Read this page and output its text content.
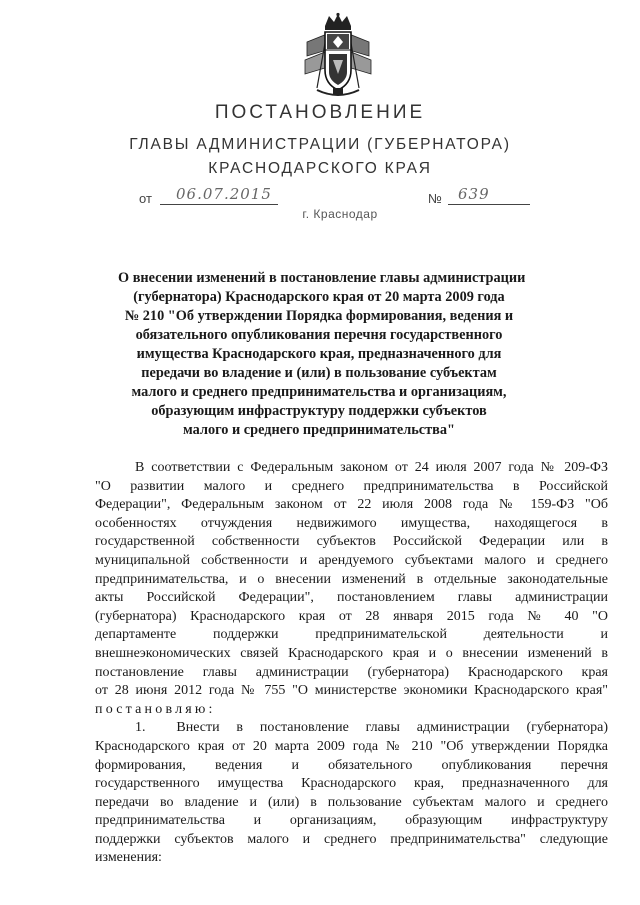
ПОСТАНОВЛЕНИЕ
ГЛАВЫ АДМИНИСТРАЦИИ (ГУБЕРНАТОРА)
КРАСНОДАРСКОГО КРАЯ
от 06.07.2015	№ 639
г. Краснодар
О внесении изменений в постановление главы администрации
(губернатора) Краснодарского края от 20 марта 2009 года
№ 210 "Об утверждении Порядка формирования, ведения и
обязательного опубликования перечня государственного
имущества Краснодарского края, предназначенного для
передачи во владение и (или) в пользование субъектам
малого и среднего предпринимательства и организациям,
образующим инфраструктуру поддержки субъектов
малого и среднего предпринимательства"
В соответствии с Федеральным законом от 24 июля 2007 года № 209-ФЗ
"О развитии малого и среднего предпринимательства в Российской
Федерации", Федеральным законом от 22 июля 2008 года № 159-ФЗ "Об
особенностях отчуждения недвижимого имущества, находящегося в
государственной собственности субъектов Российской Федерации или в
муниципальной собственности и арендуемого субъектами малого и среднего
предпринимательства, и о внесении изменений в отдельные законодательные
акты Российской Федерации", постановлением главы администрации
(губернатора) Краснодарского края от 28 января 2015 года № 40 "О
департаменте поддержки предпринимательской деятельности и
внешнеэкономических связей Краснодарского края и о внесении изменений в
постановление главы администрации (губернатора) Краснодарского края
от 28 июня 2012 года № 755 "О министерстве экономики Краснодарского края"
постановляю:
1.  Внести в постановление главы администрации (губернатора)
Краснодарского края от 20 марта 2009 года № 210 "Об утверждении Порядка
формирования, ведения и обязательного опубликования перечня
государственного имущества Краснодарского края, предназначенного для
передачи во владение и (или) в пользование субъектам малого и среднего
предпринимательства и организациям, образующим инфраструктуру
поддержки субъектов малого и среднего предпринимательства" следующие
изменения:
